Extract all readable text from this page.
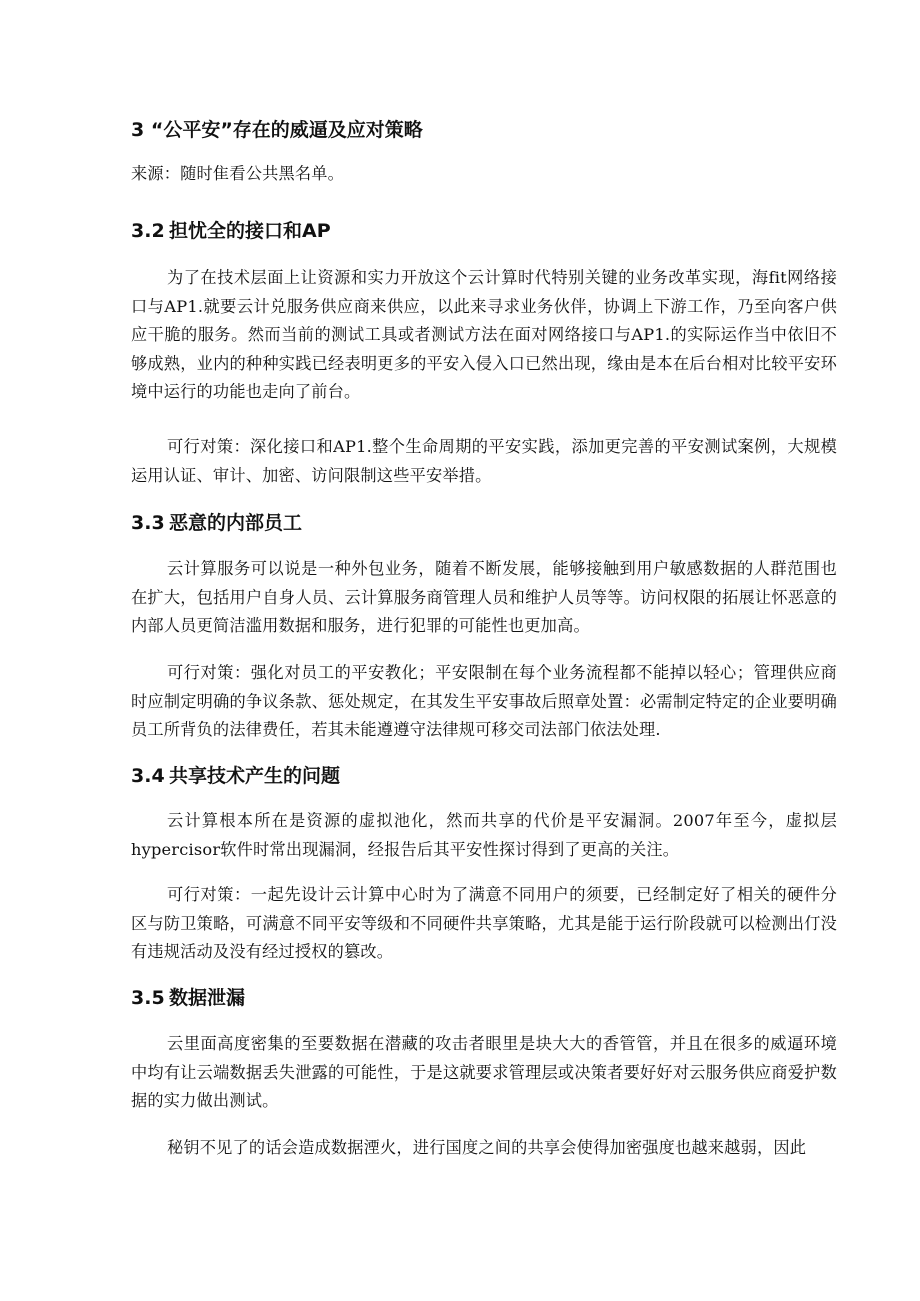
3 “公平安”存在的威逼及应对策略

来源：随时隹看公共黑名单。

3.2 担忧全的接口和AP

为了在技术层面上让资源和实力开放这个云计算时代特别关键的业务改革实现，海fit网络接口与AP1.就要云计兑服务供应商来供应，以此来寻求业务伙伴，协调上下游工作，乃至向客户供应干脆的服务。然而当前的测试工具或者测试方法在面对网络接口与AP1.的实际运作当中依旧不够成熟，业内的种种实践已经表明更多的平安入侵入口已然出现，缘由是本在后台相对比较平安环境中运行的功能也走向了前台。

可行对策：深化接口和AP1.整个生命周期的平安实践，添加更完善的平安测试案例，大规模运用认证、审计、加密、访问限制这些平安举措。

3.3 恶意的内部员工

云计算服务可以说是一种外包业务，随着不断发展，能够接触到用户敏感数据的人群范围也在扩大，包括用户自身人员、云计算服务商管理人员和维护人员等等。访问权限的拓展让怀恶意的内部人员更简洁滥用数据和服务，进行犯罪的可能性也更加高。

可行对策：强化对员工的平安教化；平安限制在每个业务流程都不能掉以轻心；管理供应商时应制定明确的争议条款、惩处规定，在其发生平安事故后照章处置：必需制定特定的企业要明确员工所背负的法律费任，若其未能遵遵守法律规可移交司法部门依法处理.

3.4 共享技术产生的问题

云计算根本所在是资源的虚拟池化，然而共享的代价是平安漏洞。2007年至今，虚拟层hypercisor软件时常出现漏洞，经报告后其平安性探讨得到了更高的关注。

可行对策：一起先设计云计算中心时为了满意不同用户的须要，已经制定好了相关的硬件分区与防卫策略，可满意不同平安等级和不同硬件共享策略，尤其是能于运行阶段就可以检测出仃没有违规活动及没有经过授权的篡改。

3.5 数据泄漏

云里面高度密集的至要数据在潜藏的攻击者眼里是块大大的香管管，并且在很多的威逼环境中均有让云端数据丢失泄露的可能性，于是这就要求管理层或决策者要好好对云服务供应商爱护数据的实力做出测试。

秘钥不见了的话会造成数据湮火，进行国度之间的共享会使得加密强度也越来越弱，因此
